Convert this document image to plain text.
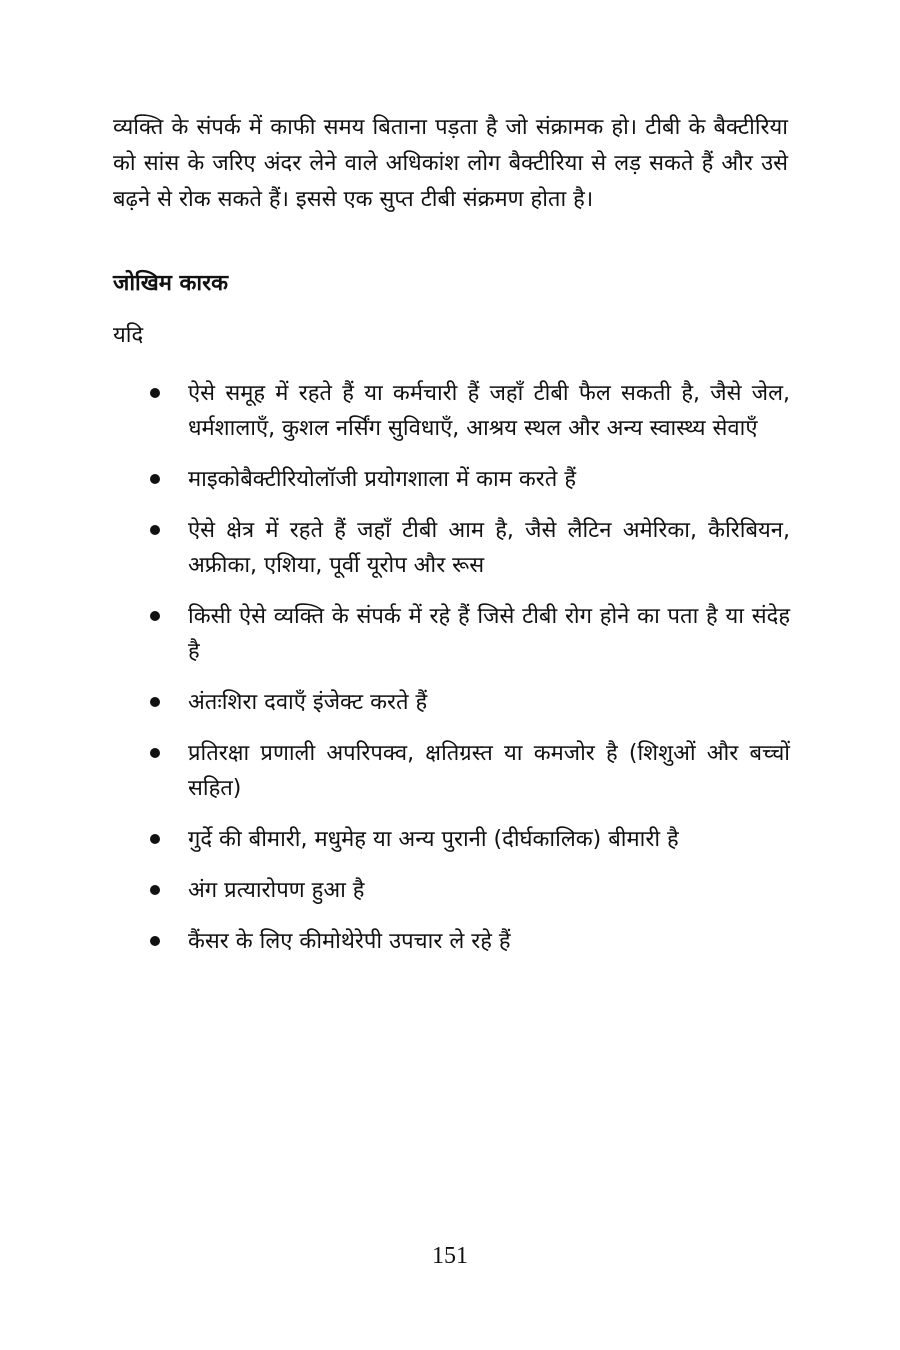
व्यक्ति के संपर्क में काफी समय बिताना पड़ता है जो संक्रामक हो। टीबी के बैक्टीरिया को सांस के जरिए अंदर लेने वाले अधिकांश लोग बैक्टीरिया से लड़ सकते हैं और उसे बढ़ने से रोक सकते हैं। इससे एक सुप्त टीबी संक्रमण होता है।

जोखिम कारक

यदि

ऐसे समूह में रहते हैं या कर्मचारी हैं जहाँ टीबी फैल सकती है, जैसे जेल, धर्मशालाएँ, कुशल नर्सिंग सुविधाएँ, आश्रय स्थल और अन्य स्वास्थ्य सेवाएँ
माइकोबैक्टीरियोलॉजी प्रयोगशाला में काम करते हैं
ऐसे क्षेत्र में रहते हैं जहाँ टीबी आम है, जैसे लैटिन अमेरिका, कैरिबियन, अफ्रीका, एशिया, पूर्वी यूरोप और रूस
किसी ऐसे व्यक्ति के संपर्क में रहे हैं जिसे टीबी रोग होने का पता है या संदेह है
अंतःशिरा दवाएँ इंजेक्ट करते हैं
प्रतिरक्षा प्रणाली अपरिपक्व, क्षतिग्रस्त या कमजोर है (शिशुओं और बच्चों सहित)
गुर्दे की बीमारी, मधुमेह या अन्य पुरानी (दीर्घकालिक) बीमारी है
अंग प्रत्यारोपण हुआ है
कैंसर के लिए कीमोथेरेपी उपचार ले रहे हैं
151
